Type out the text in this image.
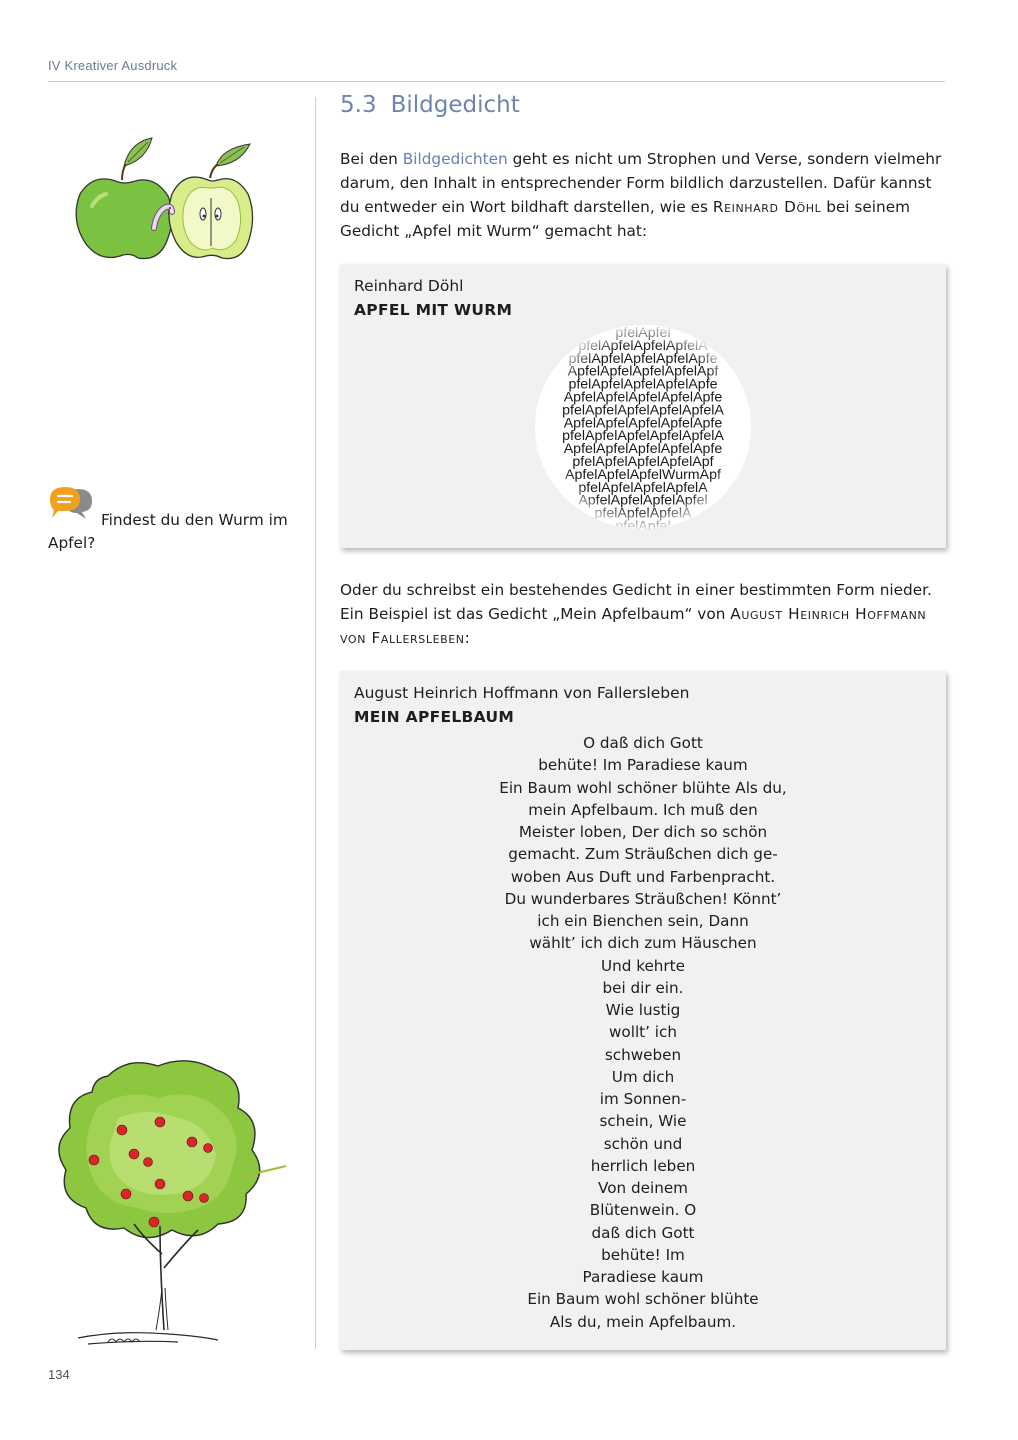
IV Kreativer Ausdruck
5.3 Bildgedicht

Bei den Bildgedichten geht es nicht um Strophen und Verse, sondern vielmehr darum, den Inhalt in entsprechender Form bildlich darzustellen. Dafür kannst du entweder ein Wort bildhaft darstellen, wie es Reinhard Döhl bei seinem Gedicht „Apfel mit Wurm“ gemacht hat:

Reinhard Döhl
APFEL MIT WURM

Oder du schreibst ein bestehendes Gedicht in einer bestimmten Form nieder. Ein Beispiel ist das Gedicht „Mein Apfelbaum“ von August Heinrich Hoffmann von Fallersleben:

August Heinrich Hoffmann von Fallersleben
MEIN APFELBAUM
O daß dich Gott
behüte! Im Paradiese kaum
Ein Baum wohl schöner blühte Als du,
mein Apfelbaum. Ich muß den
Meister loben, Der dich so schön
gemacht. Zum Sträußchen dich ge-
woben Aus Duft und Farbenpracht.
Du wunderbares Sträußchen! Könnt’
ich ein Bienchen sein, Dann
wählt’ ich dich zum Häuschen
Und kehrte
bei dir ein.
Wie lustig
wollt’ ich
schweben
Um dich
im Sonnen-
schein, Wie
schön und
herrlich leben
Von deinem
Blütenwein. O
daß dich Gott
behüte! Im
Paradiese kaum
Ein Baum wohl schöner blühte
Als du, mein Apfelbaum.
Findest du den Wurm im Apfel?
134
